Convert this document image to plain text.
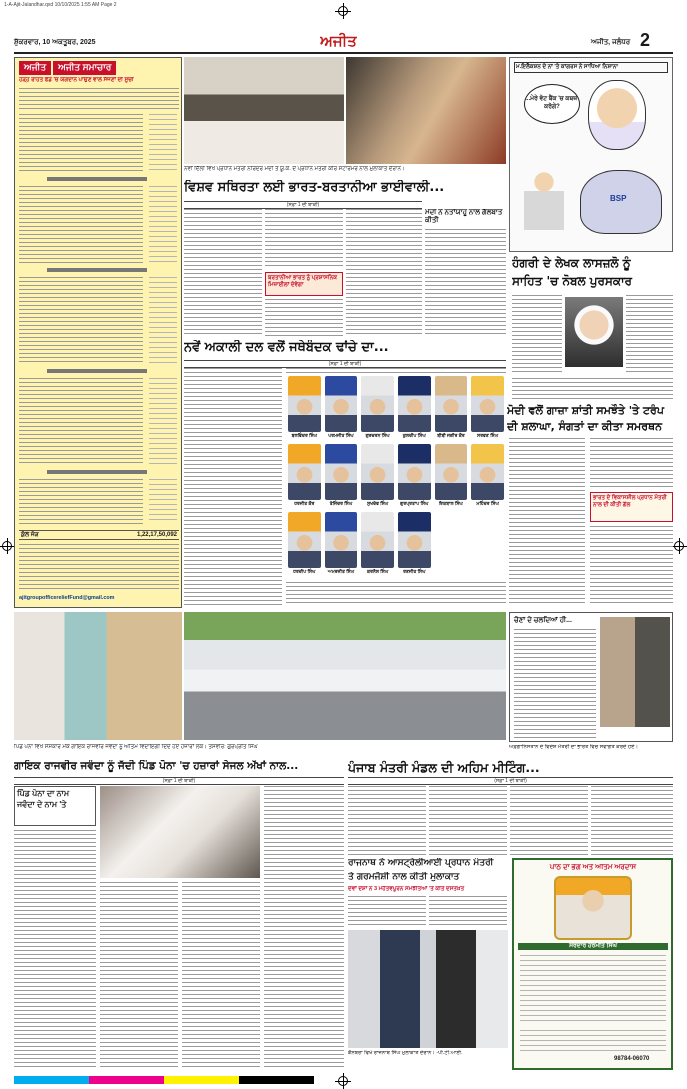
1-A-Ajit-Jalandhar.qxd 10/10/2025 1:55 AM Page 2
ਸ਼ੁੱਕਰਵਾਰ, 10 ਅਕਤੂਬਰ, 2025	ਅਜੀਤ	ਅਜੀਤ, ਜਲੰਧਰ 2
ਅਜੀਤ	ਅਜੀਤ ਸਮਾਚਾਰ
ਹੜ੍ਹ ਰਾਹਤ ਫੰਡ 'ਚ ਯੋਗਦਾਨ ਪਾਉਣ ਵਾਲੇ ਸੱਜਣਾਂ ਦੀ ਸੂਚੀ
ਕੁੱਲ ਜੋੜ	1,22,17,50,092
ajitgroupofficereliefFund@gmail.com
ਨਵੀਂ ਦਿੱਲੀ ਵਿਖੇ ਪ੍ਰਧਾਨ ਮੰਤਰੀ ਨਰਿੰਦਰ ਮੋਦੀ ਤੇ ਯੂ.ਕੇ. ਦੇ ਪ੍ਰਧਾਨ ਮੰਤਰੀ ਕੀਰ ਸਟਾਰਮਰ ਨਾਲ ਮੁਲਾਕਾਤ ਦੌਰਾਨ।
ਮ.ਇਲੈਕਸ਼ਨ ਦੇ ਨਾਂ 'ਤੇ ਕਾਂਗਰਸ ਨੇ ਸਾਧਿਆ ਨਿਸ਼ਾਨਾ
...ਮੇਰੇ ਵੋਟ ਬੈਂਕ 'ਚ ਕਬਜ਼ਾ ਕਰੋਗੇ?
BSP
ਵਿਸ਼ਵ ਸਥਿਰਤਾ ਲਈ ਭਾਰਤ-ਬਰਤਾਨੀਆ ਭਾਈਵਾਲੀ...
(ਸਫ਼ਾ 1 ਦੀ ਬਾਕੀ)
ਬਰਤਾਨੀਆ ਭਾਰਤ ਨੂੰ ਪ੍ਰਸ਼ਾਸਨਿਕ ਮਿਜ਼ਾਈਲਾਂ ਦੇਵੇਗਾ
ਮੋਦੀ ਨੇ ਨਤਾਂਯਾਹੂ ਨਾਲ ਗੱਲਬਾਤ ਕੀਤੀ
ਹੰਗਰੀ ਦੇ ਲੇਖਕ ਲਾਸਜ਼ਲੋ ਨੂੰ
ਸਾਹਿਤ 'ਚ ਨੋਬਲ ਪੁਰਸਕਾਰ
ਮੋਦੀ ਵਲੋਂ ਗਾਜ਼ਾ ਸ਼ਾਂਤੀ ਸਮਝੌਤੇ 'ਤੇ ਟਰੰਪ
ਦੀ ਸ਼ਲਾਘਾ, ਸੰਗਤਾਂ ਦਾ ਕੀਤਾ ਸਮਰਥਨ
ਭਾਰਤ ਦੇ ਵਿਕਾਸਸ਼ੀਲ ਪ੍ਰਧਾਨ ਮੰਤਰੀ ਨਾਲ ਦੀ ਕੀਤੀ ਗੱਲ
ਨਵੇਂ ਅਕਾਲੀ ਦਲ ਵਲੋਂ ਜਥੇਬੰਦਕ ਢਾਂਚੇ ਦਾ...
(ਸਫ਼ਾ 1 ਦੀ ਬਾਕੀ)
ਬਲਵਿੰਦਰ ਸਿੰਘ	ਪਰਮਜੀਤ ਸਿੰਘ	ਗੁਰਚਰਨ ਸਿੰਘ	ਕੁਲਦੀਪ ਸਿੰਘ	ਬੀਬੀ ਜਗੀਰ ਕੌਰ	ਸਰਵਣ ਸਿੰਘ
ਹਰਜੀਤ ਕੌਰ	ਤੇਜਿੰਦਰ ਸਿੰਘ	ਸੁਖਦੇਵ ਸਿੰਘ	ਗੁਰਪ੍ਰਤਾਪ ਸਿੰਘ	ਇਕਬਾਲ ਸਿੰਘ	ਮਹਿੰਦਰ ਸਿੰਘ
ਹਰਦੀਪ ਸਿੰਘ	ਅਮਰਜੀਤ ਸਿੰਘ	ਕਰਨੈਲ ਸਿੰਘ	ਰਣਜੀਤ ਸਿੰਘ
ਪਿੰਡ ਪੋਨਾ ਵਿਖੇ ਸੰਸਕਾਰ ਮੌਕੇ ਗਾਇਕ ਰਾਜਵੀਰ ਜਵੰਦਾ ਨੂੰ ਅੰਤਿਮ ਵਿਦਾਇਗੀ ਦਿੰਦੇ ਹੋਏ ਹਜ਼ਾਰਾਂ ਲੋਕ। ਤਸਵੀਰ: ਗੁਰਪ੍ਰੀਤ ਸਿੰਘ
ਚੋਣਾਂ ਦੇ ਚਲਦਿਆਂ ਹੀ...
ਅਫ਼ਗਾਨਿਸਤਾਨ ਦੇ ਵਿਦੇਸ਼ ਮੰਤਰੀ ਦਾ ਭਾਰਤ ਵਿਚ ਸਵਾਗਤ ਕਰਦੇ ਹੋਏ।
ਗਾਇਕ ਰਾਜਵੀਰ ਜਵੰਦਾ ਨੂੰ ਜੱਦੀ ਪਿੰਡ ਪੋਨਾ 'ਚ ਹਜ਼ਾਰਾਂ ਸੇਜਲ ਅੱਖਾਂ ਨਾਲ...
(ਸਫ਼ਾ 1 ਦੀ ਬਾਕੀ)
ਪਿੰਡ ਪੋਨਾ ਦਾ ਨਾਮ
ਜਵੰਦਾ ਦੇ ਨਾਮ 'ਤੇ
ਪੰਜਾਬ ਮੰਤਰੀ ਮੰਡਲ ਦੀ ਅਹਿਮ ਮੀਟਿੰਗ...
(ਸਫ਼ਾ 1 ਦੀ ਬਾਕੀ)
ਰਾਜਨਾਥ ਨੇ ਆਸਟ੍ਰੇਲੀਆਈ ਪ੍ਰਧਾਨ ਮੰਤਰੀ
ਤੇ ਗਰਮਜੋਸ਼ੀ ਨਾਲ ਕੀਤੀ ਮੁਲਾਕਾਤ
ਦੋਵਾਂ ਦੇਸ਼ਾਂ ਨੇ 3 ਮਹੱਤਵਪੂਰਨ ਸਮਝੌਤਿਆਂ 'ਤੇ ਕੀਤੇ ਦਸਤਖ਼ਤ
ਕੈਨਬਰਾ ਵਿਖੇ ਰਾਜਨਾਥ ਸਿੰਘ ਮੁਲਾਕਾਤ ਦੌਰਾਨ। -ਪੀ.ਟੀ.ਆਈ.
ਪਾਠ ਦਾ ਭੋਗ ਅਤੇ ਅੰਤਿਮ ਅਰਦਾਸ
ਸਰਦਾਰ ਹਰਮੀਤ ਸਿੰਘ
98784-06070
